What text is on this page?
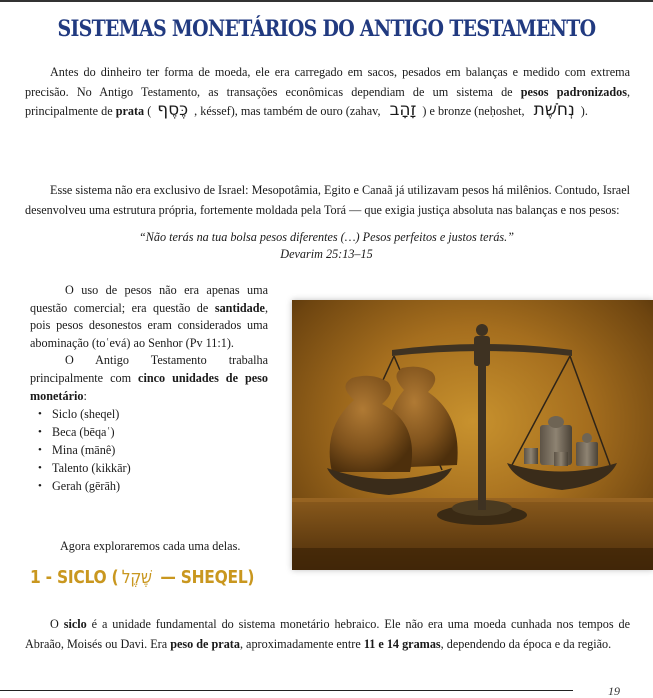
SISTEMAS MONETÁRIOS DO ANTIGO TESTAMENTO

Antes do dinheiro ter forma de moeda, ele era carregado em sacos, pesados em balanças e medido com extrema precisão. No Antigo Testamento, as transações econômicas dependiam de um sistema de pesos padronizados, principalmente de prata ( כֶּסֶף , késsef), mas também de ouro (zahav, זָהָב ) e bronze (neḥoshet, נְחֹשֶׁת ).

Esse sistema não era exclusivo de Israel: Mesopotâmia, Egito e Canaã já utilizavam pesos há milênios. Contudo, Israel desenvolveu uma estrutura própria, fortemente moldada pela Torá — que exigia justiça absoluta nas balanças e nos pesos:

“Não terás na tua bolsa pesos diferentes (…) Pesos perfeitos e justos terás.”
Devarim 25:13–15

O uso de pesos não era apenas uma questão comercial; era questão de santidade, pois pesos desonestos eram considerados uma abominação (toʿevá) ao Senhor (Pv 11:1).

O Antigo Testamento trabalha principalmente com cinco unidades de peso monetário:

• Siclo (sheqel)
• Beca (bēqaʿ)
• Mina (mānê)
• Talento (kikkār)
• Gerah (gērāh)

Agora exploraremos cada uma delas.

1 - SICLO ( שֶׁקֶל — SHEQEL)

O siclo é a unidade fundamental do sistema monetário hebraico. Ele não era uma moeda cunhada nos tempos de Abraão, Moisés ou Davi. Era peso de prata, aproximadamente entre 11 e 14 gramas, dependendo da época e da região.

19
